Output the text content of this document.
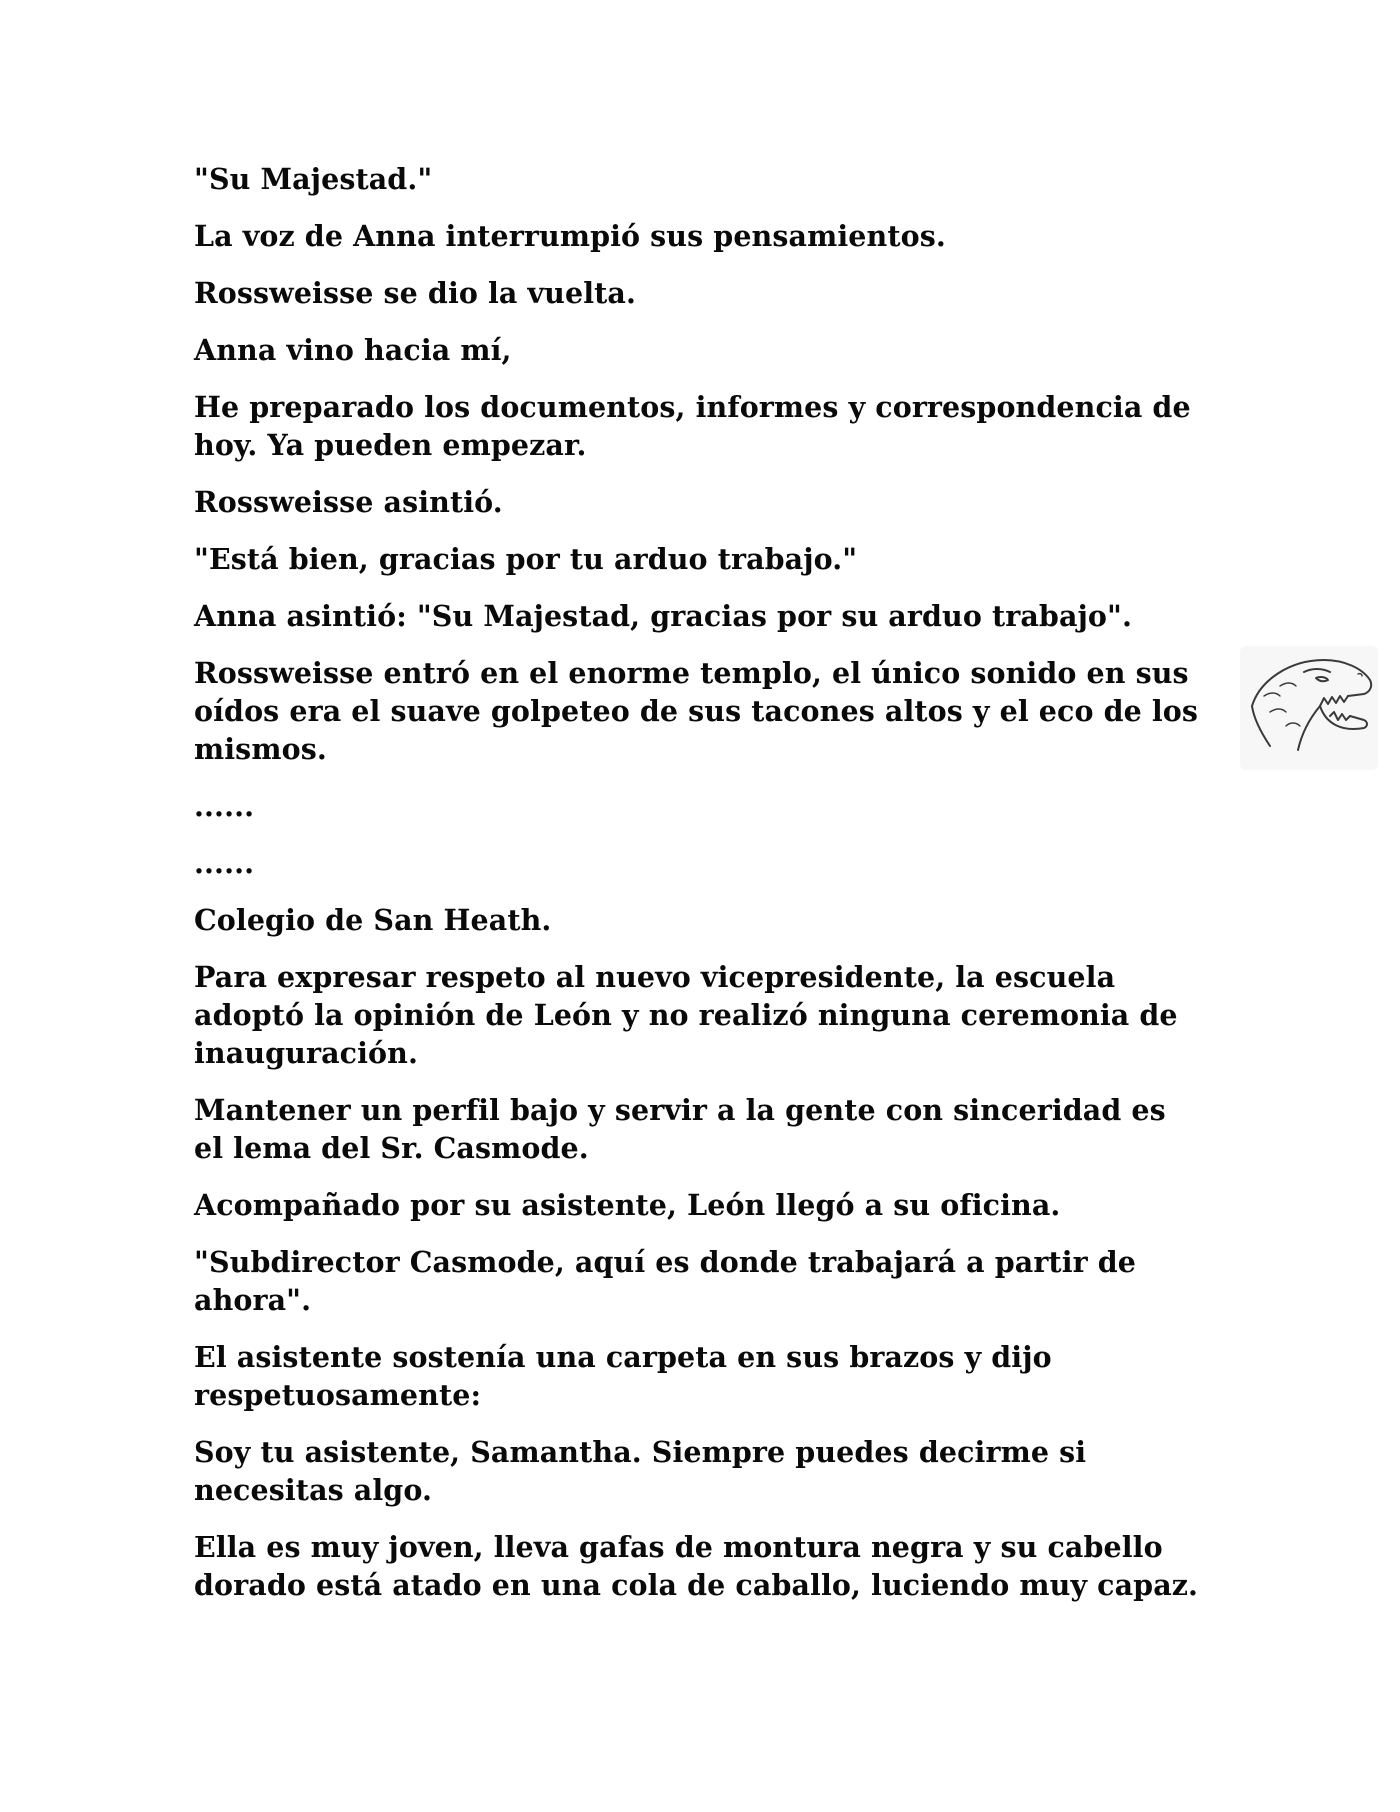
"Su Majestad."

La voz de Anna interrumpió sus pensamientos.

Rossweisse se dio la vuelta.

Anna vino hacia mí,

He preparado los documentos, informes y correspondencia de hoy. Ya pueden empezar.

Rossweisse asintió.

"Está bien, gracias por tu arduo trabajo."

Anna asintió: "Su Majestad, gracias por su arduo trabajo".

Rossweisse entró en el enorme templo, el único sonido en sus oídos era el suave golpeteo de sus tacones altos y el eco de los mismos.

......

......

Colegio de San Heath.

Para expresar respeto al nuevo vicepresidente, la escuela adoptó la opinión de León y no realizó ninguna ceremonia de inauguración.

Mantener un perfil bajo y servir a la gente con sinceridad es el lema del Sr. Casmode.

Acompañado por su asistente, León llegó a su oficina.

"Subdirector Casmode, aquí es donde trabajará a partir de ahora".

El asistente sostenía una carpeta en sus brazos y dijo respetuosamente:

Soy tu asistente, Samantha. Siempre puedes decirme si necesitas algo.

Ella es muy joven, lleva gafas de montura negra y su cabello dorado está atado en una cola de caballo, luciendo muy capaz.
